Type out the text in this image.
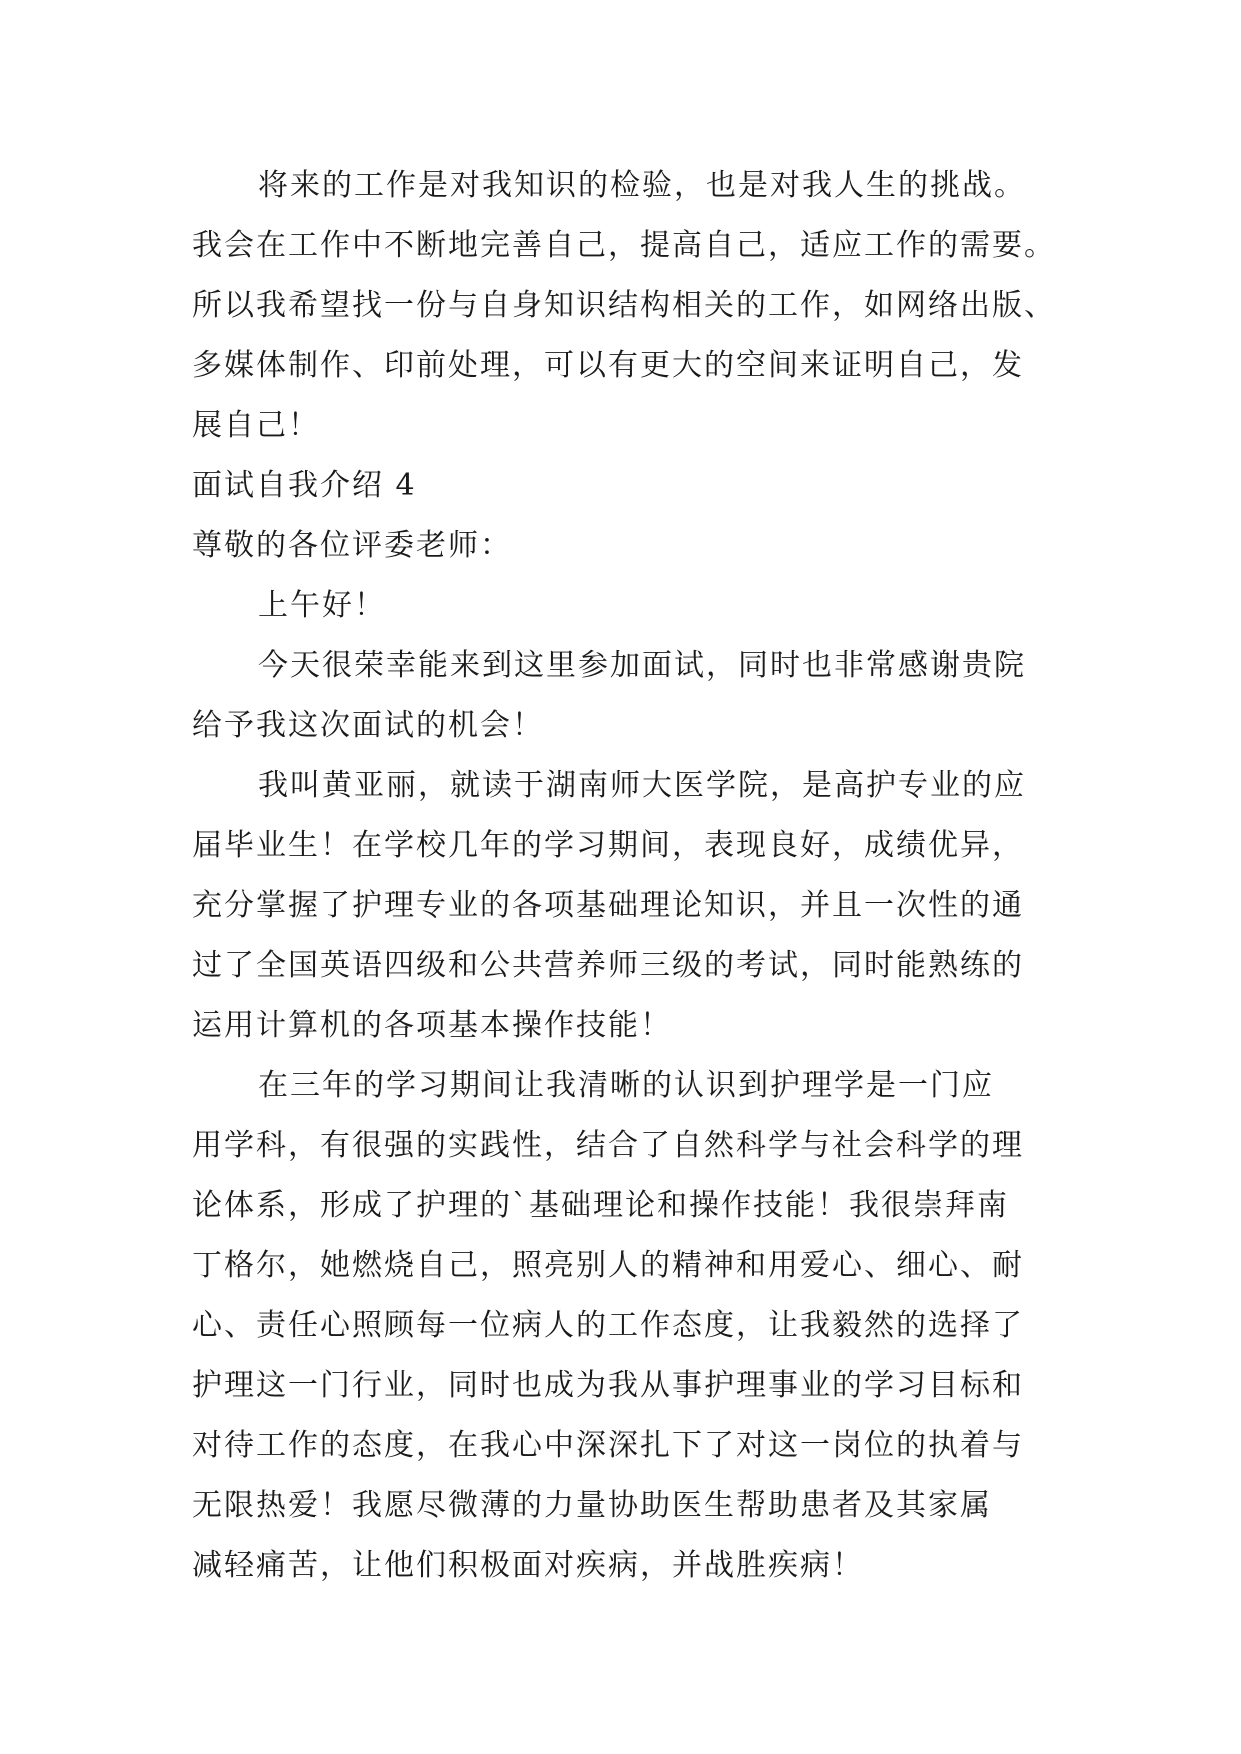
将来的工作是对我知识的检验，也是对我人生的挑战。
我会在工作中不断地完善自己，提高自己，适应工作的需要。
所以我希望找一份与自身知识结构相关的工作，如网络出版、
多媒体制作、印前处理，可以有更大的空间来证明自己，发
展自己！
面试自我介绍 4
尊敬的各位评委老师：
上午好！
今天很荣幸能来到这里参加面试，同时也非常感谢贵院
给予我这次面试的机会！
我叫黄亚丽，就读于湖南师大医学院，是高护专业的应
届毕业生！在学校几年的学习期间，表现良好，成绩优异，
充分掌握了护理专业的各项基础理论知识，并且一次性的通
过了全国英语四级和公共营养师三级的考试，同时能熟练的
运用计算机的各项基本操作技能！
在三年的学习期间让我清晰的认识到护理学是一门应
用学科，有很强的实践性，结合了自然科学与社会科学的理
论体系，形成了护理的`基础理论和操作技能！我很崇拜南
丁格尔，她燃烧自己，照亮别人的精神和用爱心、细心、耐
心、责任心照顾每一位病人的工作态度，让我毅然的选择了
护理这一门行业，同时也成为我从事护理事业的学习目标和
对待工作的态度，在我心中深深扎下了对这一岗位的执着与
无限热爱！我愿尽微薄的力量协助医生帮助患者及其家属
减轻痛苦，让他们积极面对疾病，并战胜疾病！
